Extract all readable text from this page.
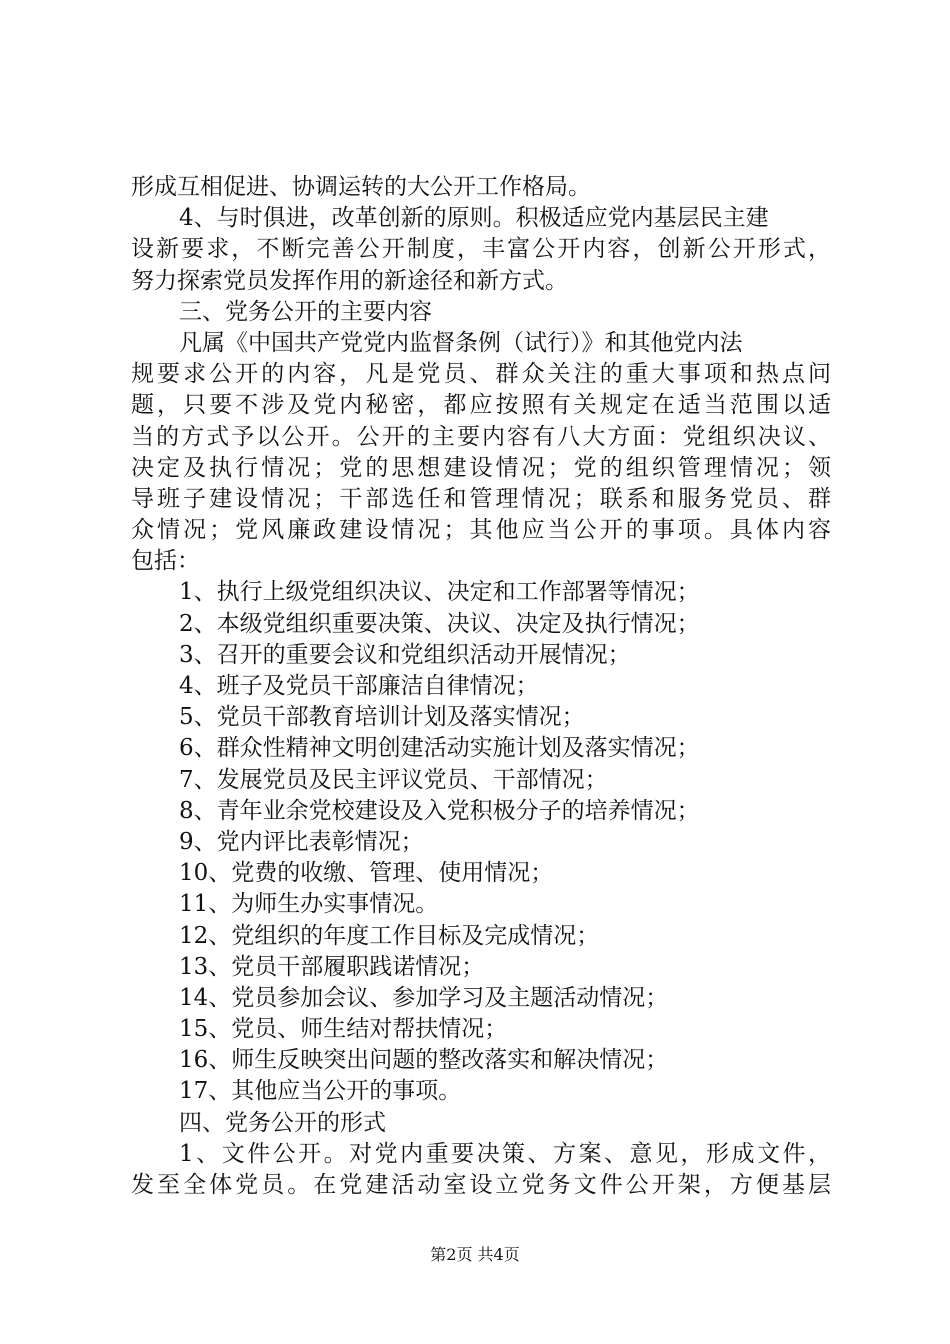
形成互相促进、协调运转的大公开工作格局。
4、与时俱进，改革创新的原则。积极适应党内基层民主建
设新要求，不断完善公开制度，丰富公开内容，创新公开形式，
努力探索党员发挥作用的新途径和新方式。
三、党务公开的主要内容
凡属《中国共产党党内监督条例（试行）》和其他党内法
规要求公开的内容，凡是党员、群众关注的重大事项和热点问
题，只要不涉及党内秘密，都应按照有关规定在适当范围以适
当的方式予以公开。公开的主要内容有八大方面：党组织决议、
决定及执行情况；党的思想建设情况；党的组织管理情况；领
导班子建设情况；干部选任和管理情况；联系和服务党员、群
众情况；党风廉政建设情况；其他应当公开的事项。具体内容
包括：
1、执行上级党组织决议、决定和工作部署等情况；
2、本级党组织重要决策、决议、决定及执行情况；
3、召开的重要会议和党组织活动开展情况；
4、班子及党员干部廉洁自律情况；
5、党员干部教育培训计划及落实情况；
6、群众性精神文明创建活动实施计划及落实情况；
7、发展党员及民主评议党员、干部情况；
8、青年业余党校建设及入党积极分子的培养情况；
9、党内评比表彰情况；
10、党费的收缴、管理、使用情况；
11、为师生办实事情况。
12、党组织的年度工作目标及完成情况；
13、党员干部履职践诺情况；
14、党员参加会议、参加学习及主题活动情况；
15、党员、师生结对帮扶情况；
16、师生反映突出问题的整改落实和解决情况；
17、其他应当公开的事项。
四、党务公开的形式
1、文件公开。对党内重要决策、方案、意见，形成文件，
发至全体党员。在党建活动室设立党务文件公开架，方便基层
第2页 共4页
